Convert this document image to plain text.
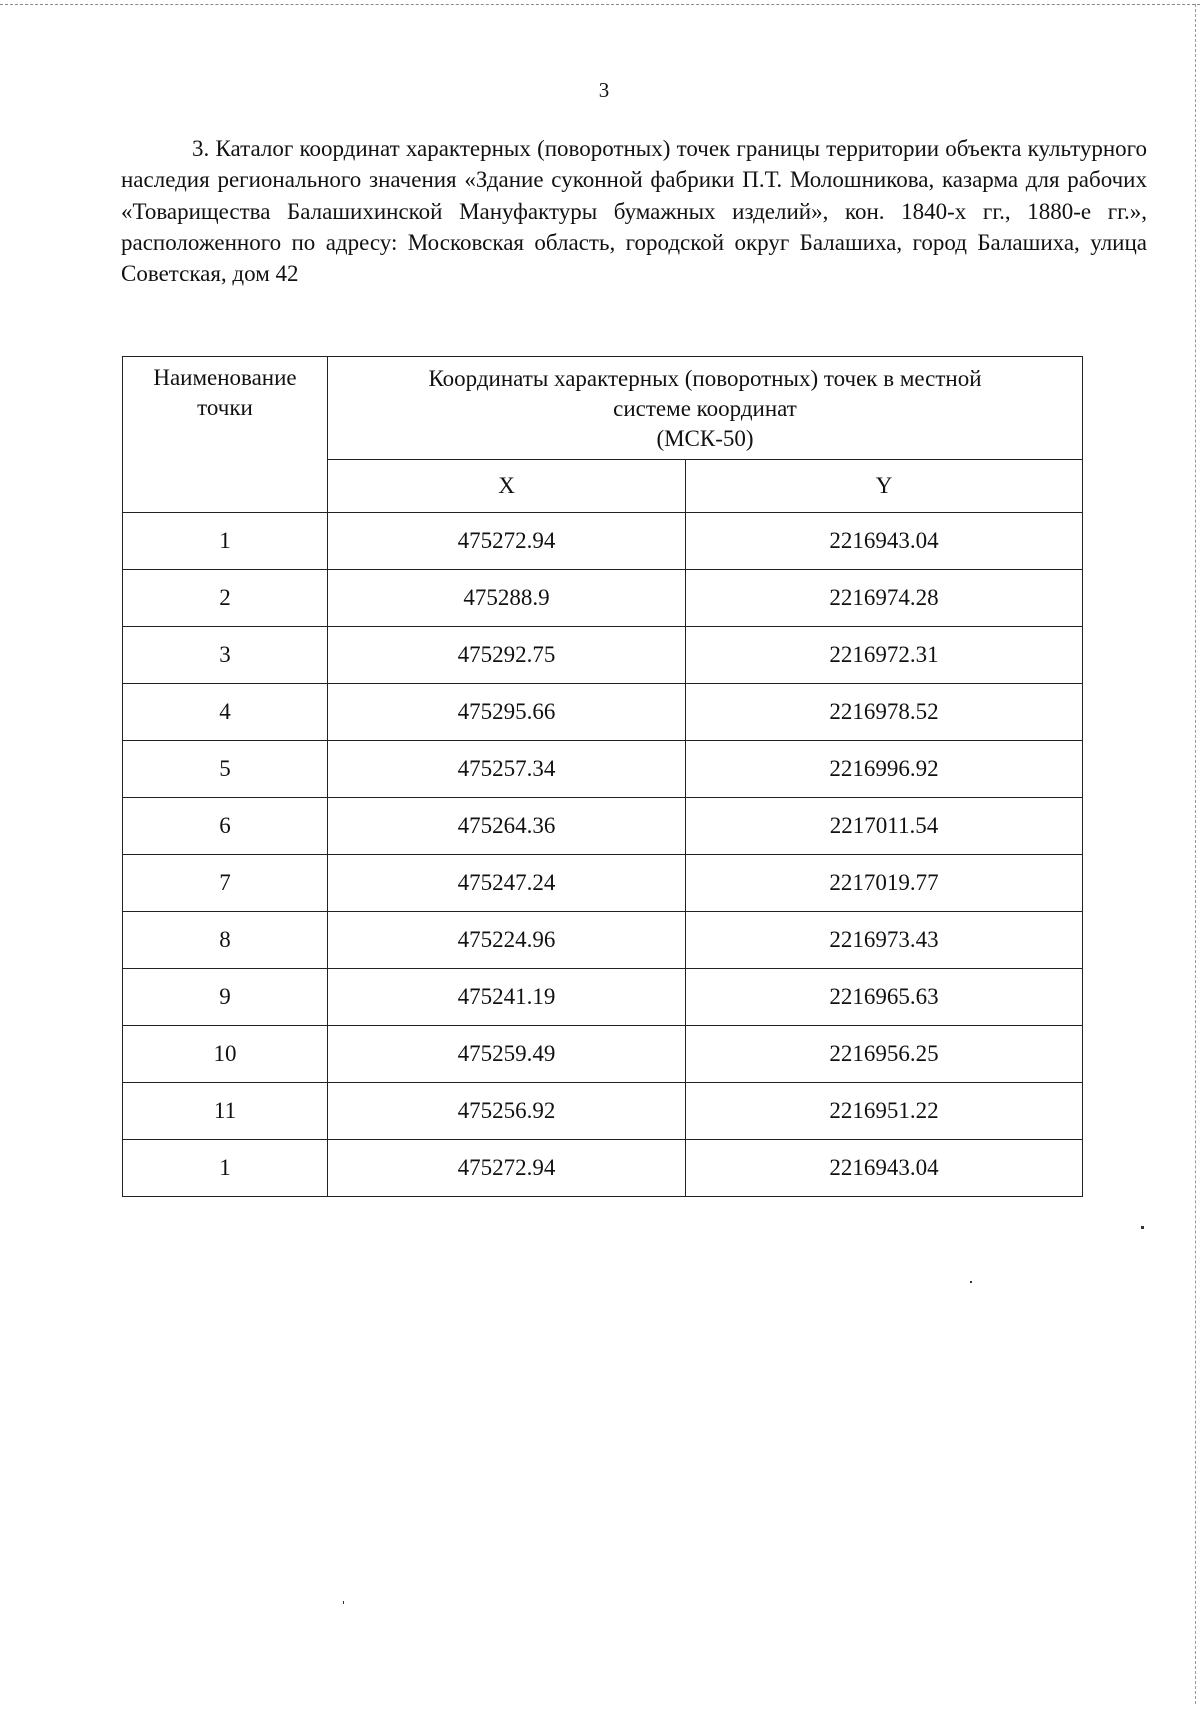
3

3. Каталог координат характерных (поворотных) точек границы территории объекта культурного наследия регионального значения «Здание суконной фабрики П.Т. Молошникова, казарма для рабочих «Товарищества Балашихинской Мануфактуры бумажных изделий», кон. 1840-х гг., 1880-е гг.», расположенного по адресу: Московская область, городской округ Балашиха, город Балашиха, улица Советская, дом 42

Наименование точки	Координаты характерных (поворотных) точек в местной
системе координат
(МСК-50)	

	X	Y
1	475272.94	2216943.04
2	475288.9	2216974.28
3	475292.75	2216972.31
4	475295.66	2216978.52
5	475257.34	2216996.92
6	475264.36	2217011.54
7	475247.24	2217019.77
8	475224.96	2216973.43
9	475241.19	2216965.63
10	475259.49	2216956.25
11	475256.92	2216951.22
1	475272.94	2216943.04
